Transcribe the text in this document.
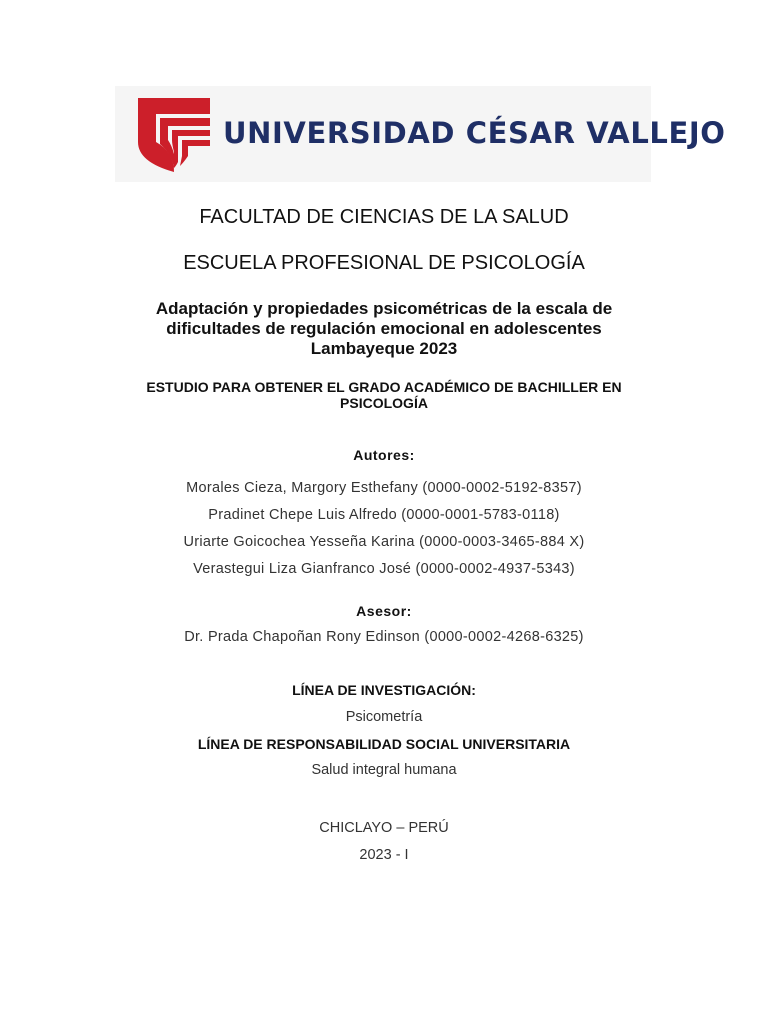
UNIVERSIDAD CÉSAR VALLEJO
FACULTAD DE CIENCIAS DE LA SALUD
ESCUELA PROFESIONAL DE PSICOLOGÍA
Adaptación y propiedades psicométricas de la escala de
dificultades de regulación emocional en adolescentes
Lambayeque 2023
ESTUDIO PARA OBTENER EL GRADO ACADÉMICO DE BACHILLER EN
PSICOLOGÍA
Autores:
Morales Cieza, Margory Esthefany (0000-0002-5192-8357)
Pradinet Chepe Luis Alfredo (0000-0001-5783-0118)
Uriarte Goicochea Yesseña Karina (0000-0003-3465-884 X)
Verastegui Liza Gianfranco José (0000-0002-4937-5343)
Asesor:
Dr. Prada Chapoñan Rony Edinson (0000-0002-4268-6325)
LÍNEA DE INVESTIGACIÓN:
Psicometría
LÍNEA DE RESPONSABILIDAD SOCIAL UNIVERSITARIA
Salud integral humana
CHICLAYO – PERÚ
2023 - I
